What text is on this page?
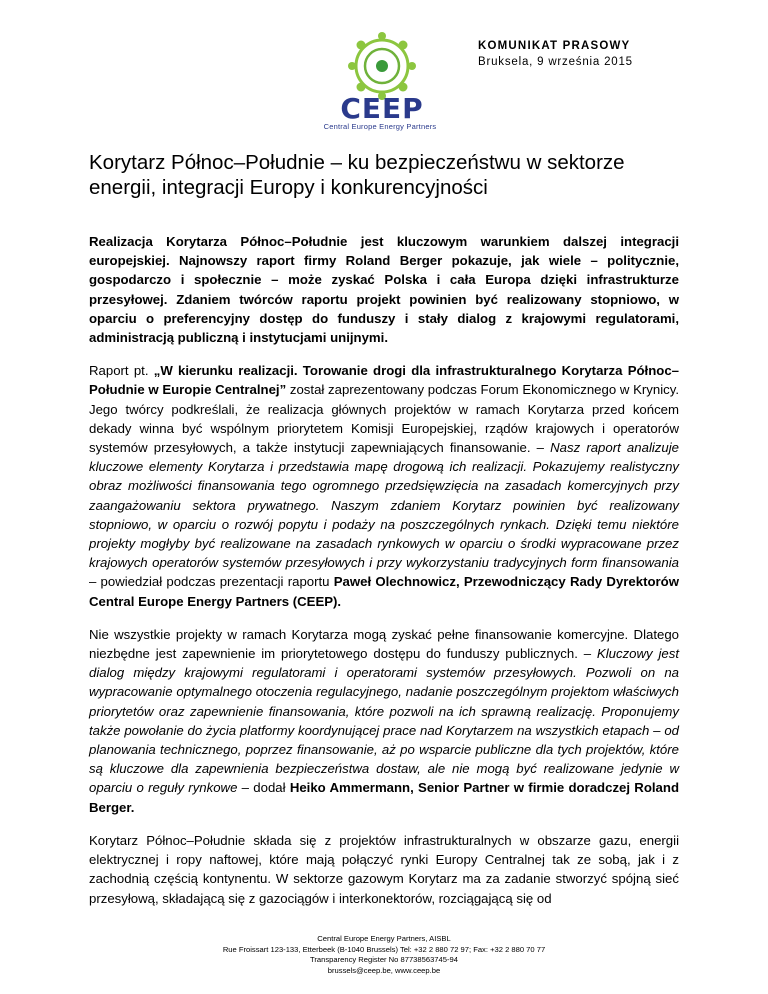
CEEP
Central Europe Energy Partners
KOMUNIKAT PRASOWY
Bruksela, 9 września 2015
Korytarz Północ–Południe – ku bezpieczeństwu w sektorze energii, integracji Europy i konkurencyjności

Realizacja Korytarza Północ–Południe jest kluczowym warunkiem dalszej integracji europejskiej. Najnowszy raport firmy Roland Berger pokazuje, jak wiele – politycznie, gospodarczo i społecznie – może zyskać Polska i cała Europa dzięki infrastrukturze przesyłowej. Zdaniem twórców raportu projekt powinien być realizowany stopniowo, w oparciu o preferencyjny dostęp do funduszy i stały dialog z krajowymi regulatorami, administracją publiczną i instytucjami unijnymi.

Raport pt. „W kierunku realizacji. Torowanie drogi dla infrastrukturalnego Korytarza Północ–Południe w Europie Centralnej” został zaprezentowany podczas Forum Ekonomicznego w Krynicy. Jego twórcy podkreślali, że realizacja głównych projektów w ramach Korytarza przed końcem dekady winna być wspólnym priorytetem Komisji Europejskiej, rządów krajowych i operatorów systemów przesyłowych, a także instytucji zapewniających finansowanie. – Nasz raport analizuje kluczowe elementy Korytarza i przedstawia mapę drogową ich realizacji. Pokazujemy realistyczny obraz możliwości finansowania tego ogromnego przedsięwzięcia na zasadach komercyjnych przy zaangażowaniu sektora prywatnego. Naszym zdaniem Korytarz powinien być realizowany stopniowo, w oparciu o rozwój popytu i podaży na poszczególnych rynkach. Dzięki temu niektóre projekty mogłyby być realizowane na zasadach rynkowych w oparciu o środki wypracowane przez krajowych operatorów systemów przesyłowych i przy wykorzystaniu tradycyjnych form finansowania – powiedział podczas prezentacji raportu Paweł Olechnowicz, Przewodniczący Rady Dyrektorów Central Europe Energy Partners (CEEP).

Nie wszystkie projekty w ramach Korytarza mogą zyskać pełne finansowanie komercyjne. Dlatego niezbędne jest zapewnienie im priorytetowego dostępu do funduszy publicznych. – Kluczowy jest dialog między krajowymi regulatorami i operatorami systemów przesyłowych. Pozwoli on na wypracowanie optymalnego otoczenia regulacyjnego, nadanie poszczególnym projektom właściwych priorytetów oraz zapewnienie finansowania, które pozwoli na ich sprawną realizację. Proponujemy także powołanie do życia platformy koordynującej prace nad Korytarzem na wszystkich etapach – od planowania technicznego, poprzez finansowanie, aż po wsparcie publiczne dla tych projektów, które są kluczowe dla zapewnienia bezpieczeństwa dostaw, ale nie mogą być realizowane jedynie w oparciu o reguły rynkowe – dodał Heiko Ammermann, Senior Partner w firmie doradczej Roland Berger.

Korytarz Północ–Południe składa się z projektów infrastrukturalnych w obszarze gazu, energii elektrycznej i ropy naftowej, które mają połączyć rynki Europy Centralnej tak ze sobą, jak i z zachodnią częścią kontynentu. W sektorze gazowym Korytarz ma za zadanie stworzyć spójną sieć przesyłową, składającą się z gazociągów i interkonektorów, rozciągającą się od

Central Europe Energy Partners, AISBL
Rue Froissart 123-133, Etterbeek (B-1040 Brussels) Tel: +32 2 880 72 97; Fax: +32 2 880 70 77
Transparency Register No 87738563745-94
brussels@ceep.be, www.ceep.be
